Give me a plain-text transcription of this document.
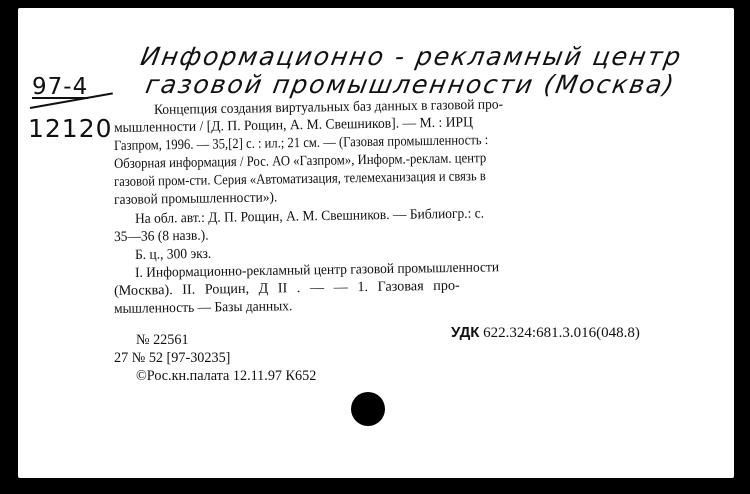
Информационно - рекламный центр
газовой промышленности (Москва)
97-4
12120
Концепция создания виртуальных баз данных в газовой про-
мышленности / [Д. П. Рощин, А. М. Свешников]. — М. : ИРЦ
Газпром, 1996. — 35,[2] с. : ил.; 21 см. — (Газовая промышленность :
Обзорная информация / Рос. АО «Газпром», Информ.-реклам. центр
газовой пром-сти. Серия «Автоматизация, телемеханизация и связь в
газовой промышленности»).
На обл. авт.: Д. П. Рощин, А. М. Свешников. — Библиогр.: с.
35—36 (8 назв.).
Б. ц., 300 экз.
I. Информационно-рекламный центр газовой промышленности
(Москва). II. Рощин, Д II . — — 1. Газовая про-
мышленность — Базы данных.
УДК 622.324:681.3.016(048.8)
№ 22561
27 № 52 [97-30235]
©Рос.кн.палата 12.11.97 К652
